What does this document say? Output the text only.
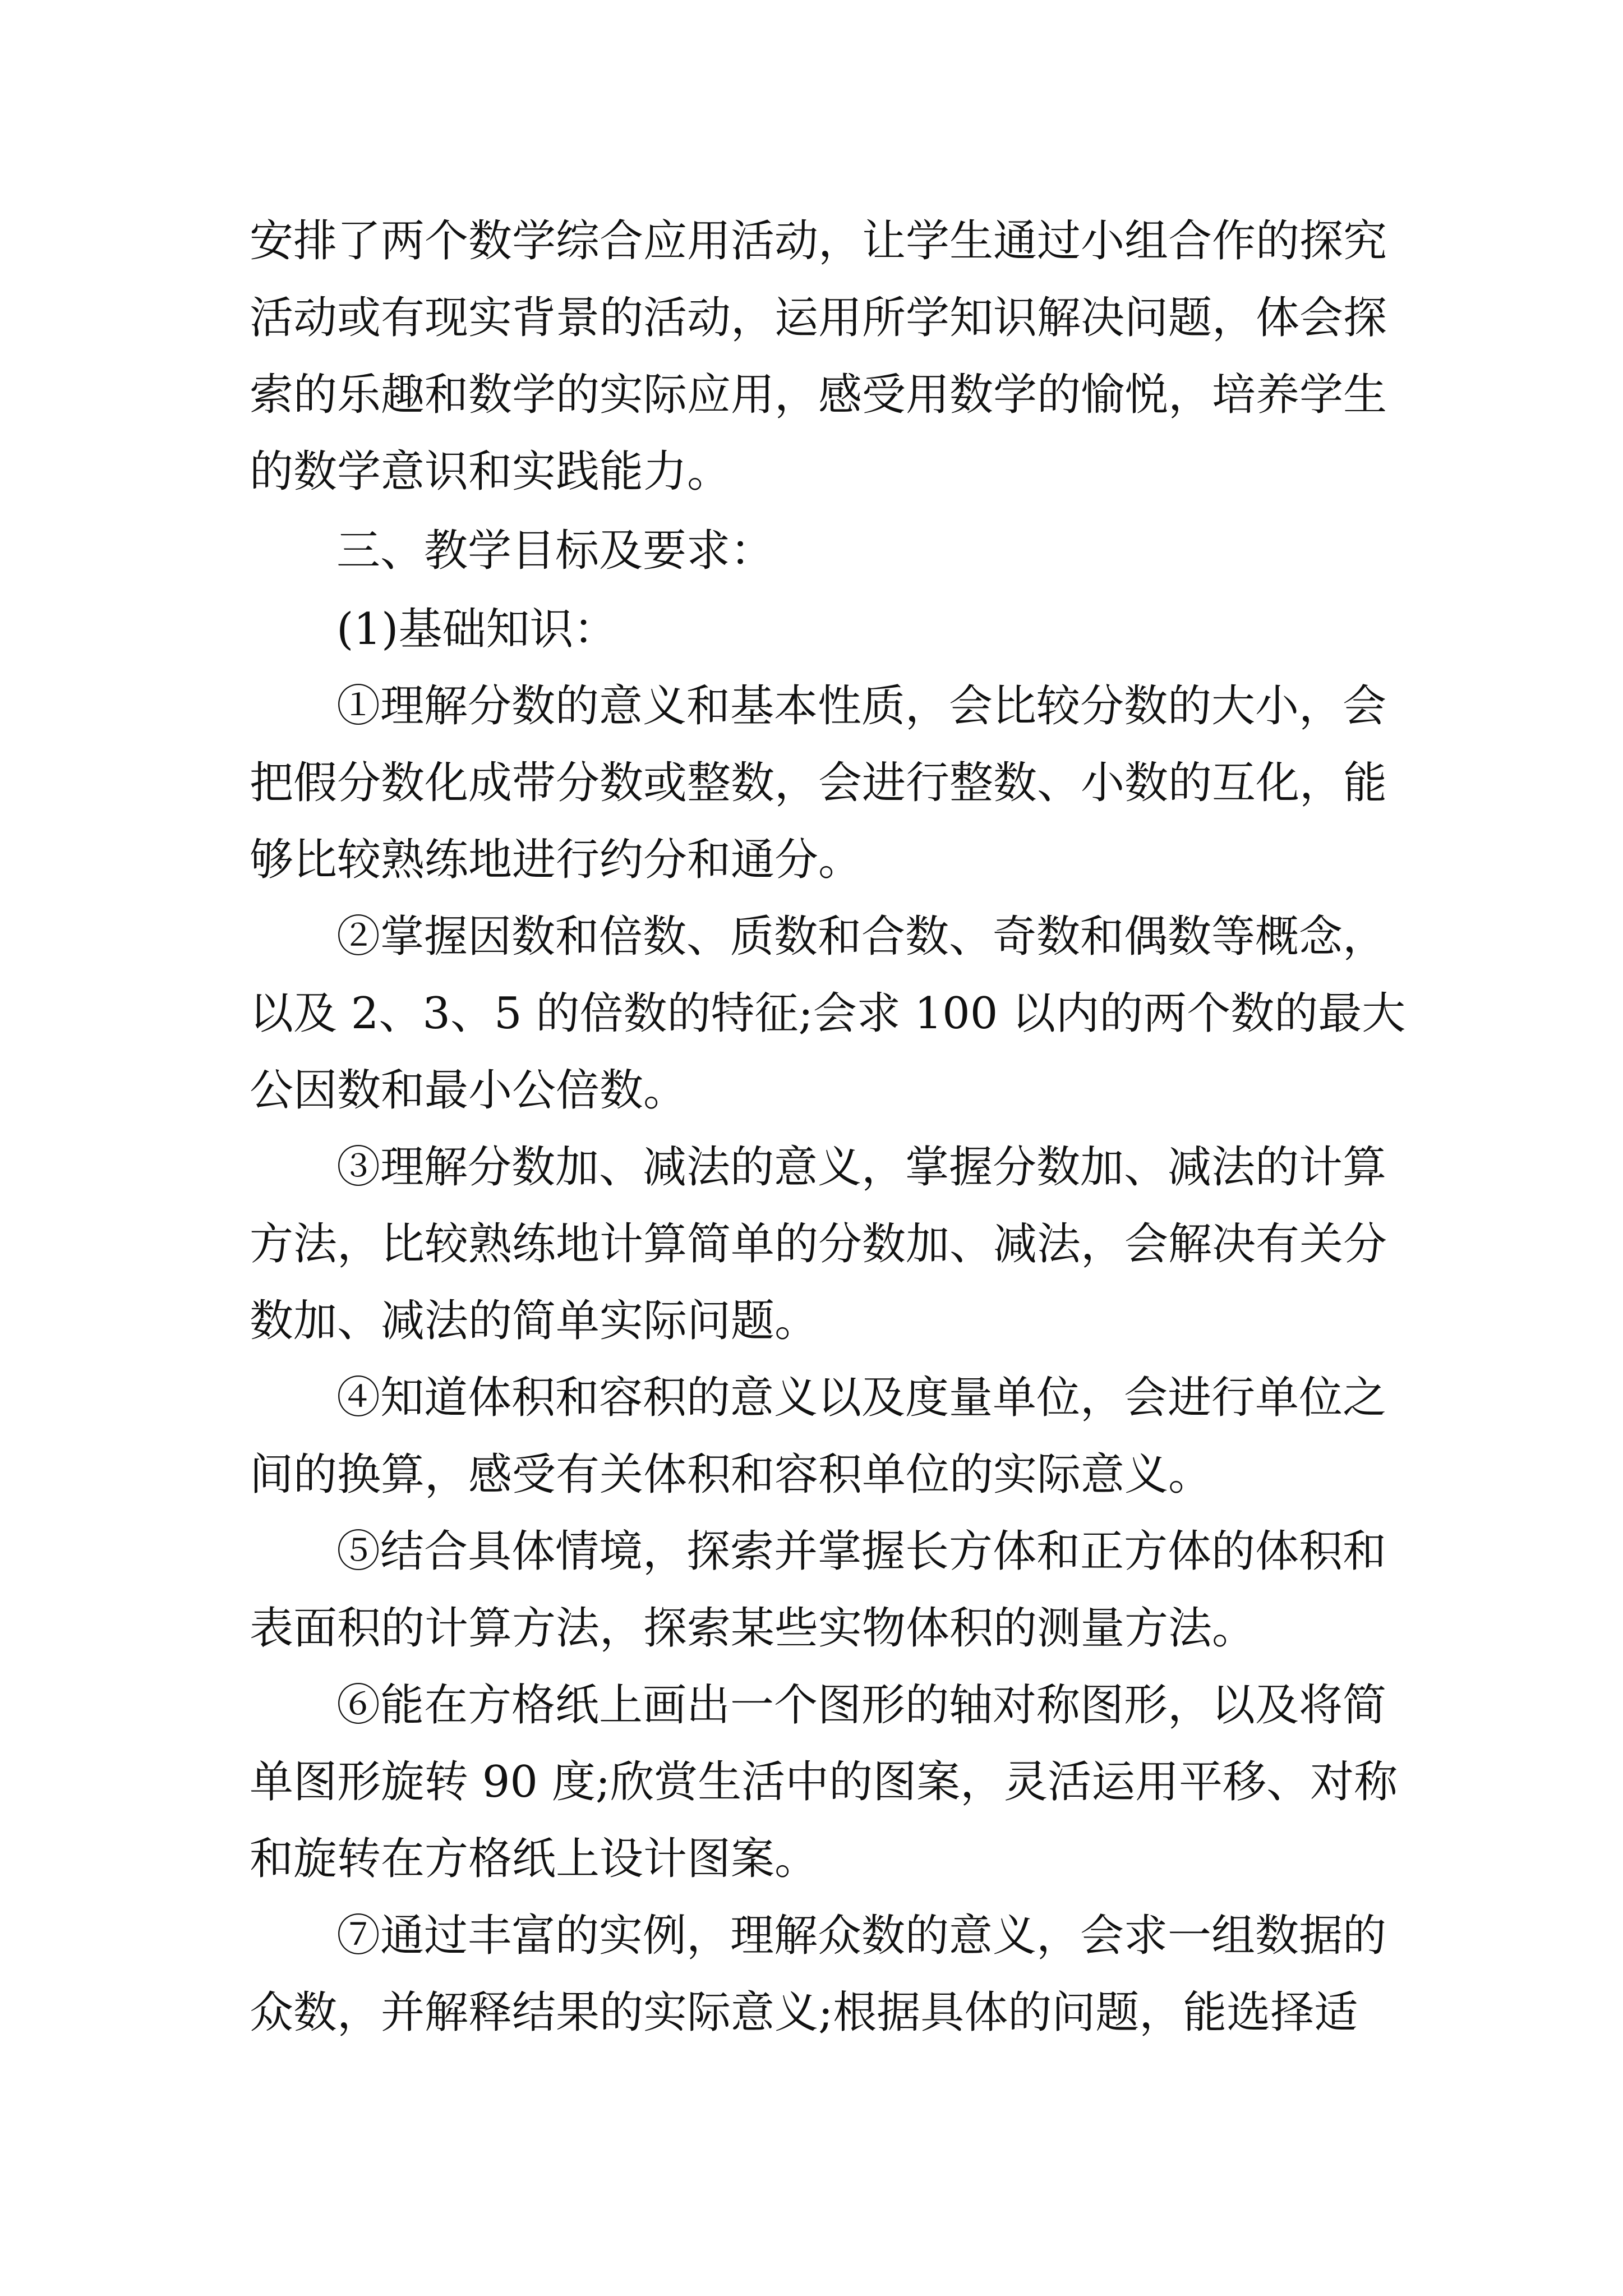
安排了两个数学综合应用活动，让学生通过小组合作的探究

活动或有现实背景的活动，运用所学知识解决问题，体会探

索的乐趣和数学的实际应用，感受用数学的愉悦，培养学生

的数学意识和实践能力。

三、教学目标及要求：

(1)基础知识：

①理解分数的意义和基本性质，会比较分数的大小，会

把假分数化成带分数或整数，会进行整数、小数的互化，能

够比较熟练地进行约分和通分。

②掌握因数和倍数、质数和合数、奇数和偶数等概念，

以及 2、3、5 的倍数的特征;会求 100 以内的两个数的最大

公因数和最小公倍数。

③理解分数加、减法的意义，掌握分数加、减法的计算

方法，比较熟练地计算简单的分数加、减法，会解决有关分

数加、减法的简单实际问题。

④知道体积和容积的意义以及度量单位，会进行单位之

间的换算，感受有关体积和容积单位的实际意义。

⑤结合具体情境，探索并掌握长方体和正方体的体积和

表面积的计算方法，探索某些实物体积的测量方法。

⑥能在方格纸上画出一个图形的轴对称图形，以及将简

单图形旋转 90 度;欣赏生活中的图案，灵活运用平移、对称

和旋转在方格纸上设计图案。

⑦通过丰富的实例，理解众数的意义，会求一组数据的

众数，并解释结果的实际意义;根据具体的问题，能选择适
